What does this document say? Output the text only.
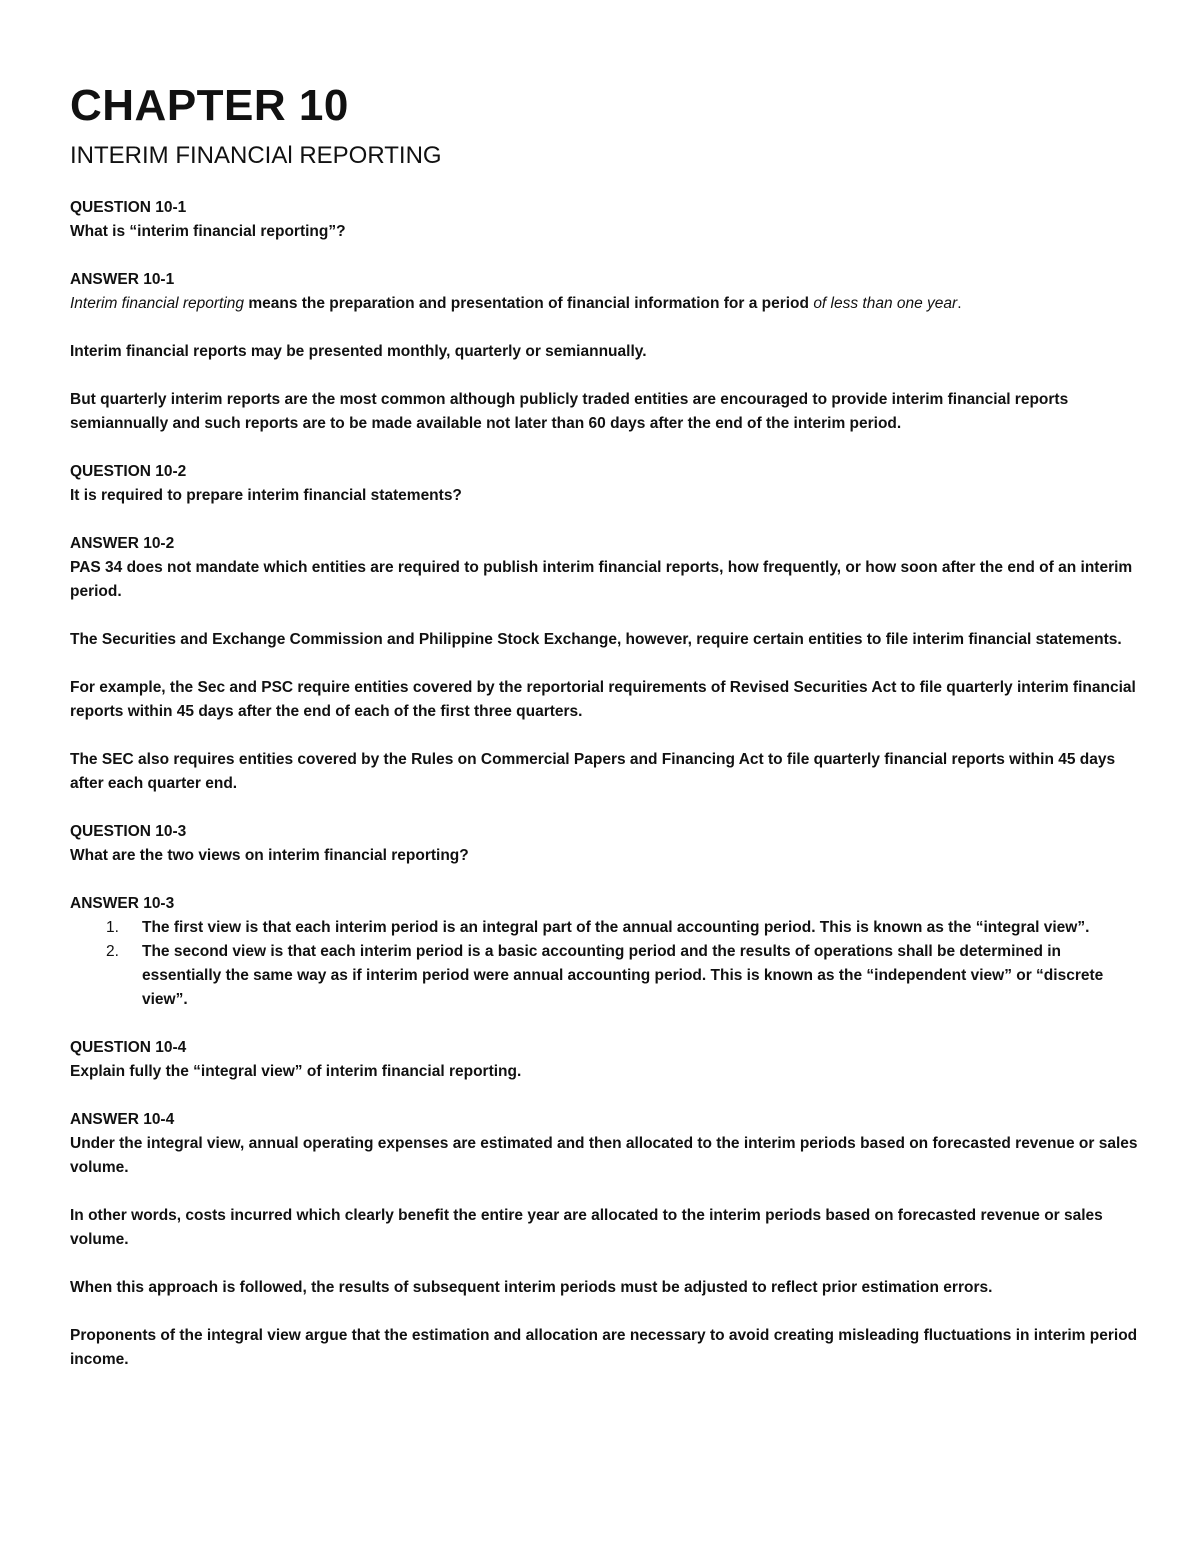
CHAPTER 10
INTERIM FINANCIAl REPORTING

QUESTION 10-1

What is “interim financial reporting”?

ANSWER 10-1

Interim financial reporting means the preparation and presentation of financial information for a period of less than one year.

Interim financial reports may be presented monthly, quarterly or semiannually.

But quarterly interim reports are the most common although publicly traded entities are encouraged to provide interim financial reports semiannually and such reports are to be made available not later than 60 days after the end of the interim period.

QUESTION 10-2

It is required to prepare interim financial statements?

ANSWER 10-2

PAS 34 does not mandate which entities are required to publish interim financial reports, how frequently, or how soon after the end of an interim period.

The Securities and Exchange Commission and Philippine Stock Exchange, however, require certain entities to file interim financial statements.

For example, the Sec and PSC require entities covered by the reportorial requirements of Revised Securities Act to file quarterly interim financial reports within 45 days after the end of each of the first three quarters.

The SEC also requires entities covered by the Rules on Commercial Papers and Financing Act to file quarterly financial reports within 45 days after each quarter end.

QUESTION 10-3

What are the two views on interim financial reporting?

ANSWER 10-3

1. The first view is that each interim period is an integral part of the annual accounting period. This is known as the “integral view”.
2. The second view is that each interim period is a basic accounting period and the results of operations shall be determined in essentially the same way as if interim period were annual accounting period. This is known as the “independent view” or “discrete view”.

QUESTION 10-4

Explain fully the “integral view” of interim financial reporting.

ANSWER 10-4

Under the integral view, annual operating expenses are estimated and then allocated to the interim periods based on forecasted revenue or sales volume.

In other words, costs incurred which clearly benefit the entire year are allocated to the interim periods based on forecasted revenue or sales volume.

When this approach is followed, the results of subsequent interim periods must be adjusted to reflect prior estimation errors.

Proponents of the integral view argue that the estimation and allocation are necessary to avoid creating misleading fluctuations in interim period income.
